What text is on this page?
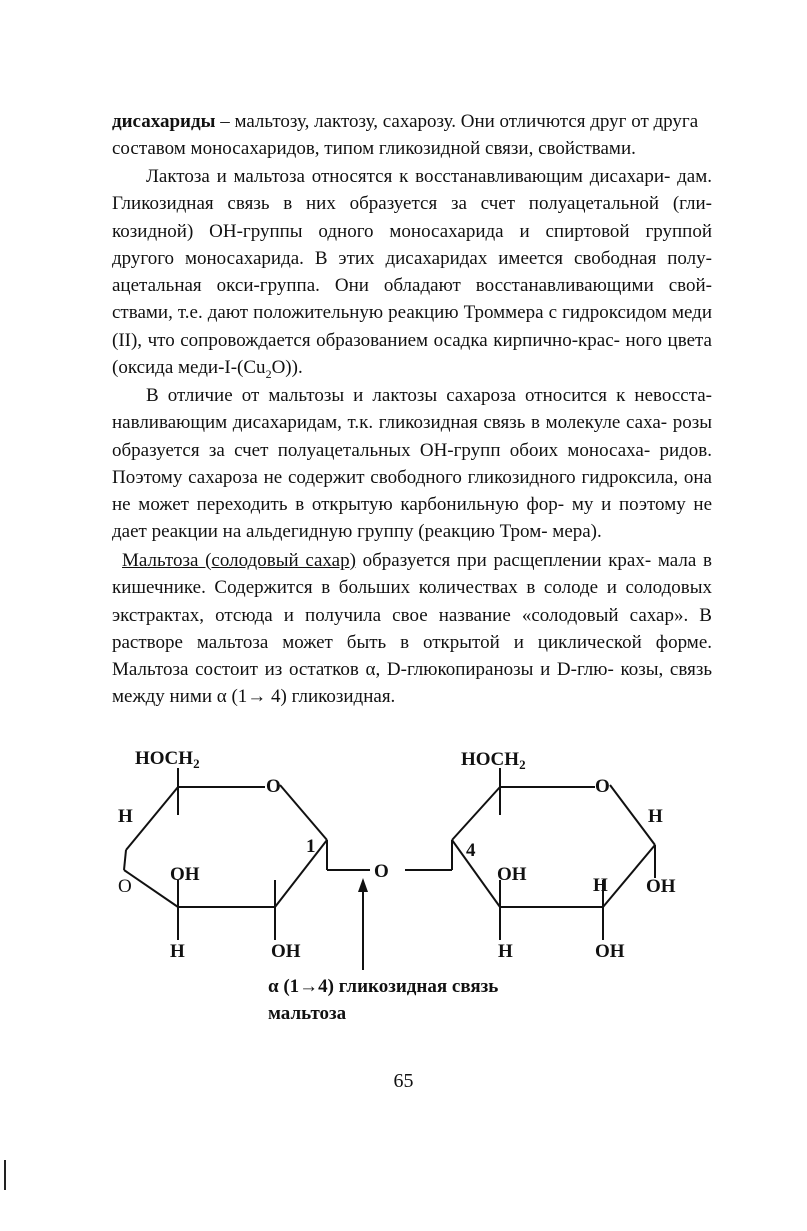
дисахариды – мальтозу, лактозу, сахарозу. Они отличются друг от друга
составом моносахаридов, типом гликозидной связи, свойствами.
Лактоза и мальтоза относятся к восстанавливающим дисахари- дам. Гликозидная связь в них образуется за счет полуацетальной (гли- козидной) ОН-группы одного моносахарида и спиртовой группой другого моносахарида. В этих дисахаридах имеется свободная полу- ацетальная окси-группа. Они обладают восстанавливающими свой- ствами, т.е. дают положительную реакцию Троммера с гидроксидом меди (II), что сопровождается образованием осадка кирпично-крас- ного цвета (оксида меди-$I-(Cu_2O)$).
В отличие от мальтозы и лактозы сахароза относится к невосста- навливающим дисахаридам, т.к. гликозидная связь в молекуле саха- розы образуется за счет полуацетальных ОН-групп обоих моносаха- ридов. Поэтому сахароза не содержит свободного гликозидного гидроксила, она не может переходить в открытую карбонильную фор- му и поэтому не дает реакции на альдегидную группу (реакцию Тром- мера).
Мальтоза (солодовый сахар) образуется при расщеплении крах- мала в кишечнике. Содержится в больших количествах в солоде и солодовых экстрактах, отсюда и получила свое название «солодовый сахар». В растворе мальтоза может быть в открытой и циклической форме. Мальтоза состоит из остатков α, D-глюкопиранозы и D-глю- козы, связь между ними α (1→ 4) гликозидная.
$HOCH_2$
O
H
O
OH
H	OH
1
O
$HOCH_2$
O
H
4
OH
H OH
H	OH
α (1→4) гликозидная связь
мальтоза
65
